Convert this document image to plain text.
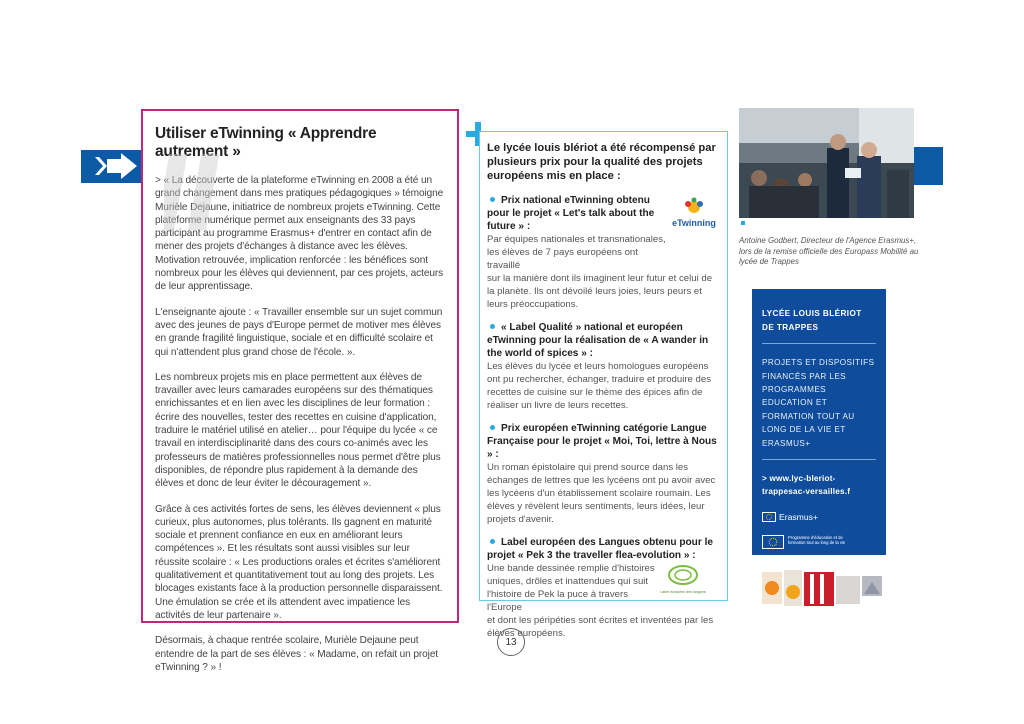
Utiliser eTwinning « Apprendre autrement »

> « La découverte de la plateforme eTwinning en 2008 a été un grand changement dans mes pratiques pédagogiques » témoigne Murièle Dejaune, initiatrice de nombreux projets eTwinning. Cette plateforme numérique permet aux enseignants des 33 pays participant au programme Erasmus+ d'entrer en contact afin de mener des projets d'échanges à distance avec les élèves. Motivation retrouvée, implication renforcée : les bénéfices sont nombreux pour les élèves qui deviennent, par ces projets, acteurs de leur apprentissage.

L'enseignante ajoute : « Travailler ensemble sur un sujet commun avec des jeunes de pays d'Europe permet de motiver mes élèves en grande fragilité linguistique, sociale et en difficulté scolaire et qui n'attendent plus grand chose de l'école. ».

Les nombreux projets mis en place permettent aux élèves de travailler avec leurs camarades européens sur des thématiques enrichissantes et en lien avec les disciplines de leur formation : écrire des nouvelles, tester des recettes en cuisine d'application, traduire le matériel utilisé en atelier… pour l'équipe du lycée « ce travail en interdisciplinarité dans des cours co-animés avec les professeurs de matières professionnelles nous permet d'être plus disponibles, de répondre plus rapidement à la demande des élèves et donc de leur éviter le découragement ».

Grâce à ces activités fortes de sens, les élèves deviennent « plus curieux, plus autonomes, plus tolérants. Ils gagnent en maturité sociale et prennent confiance en eux en améliorant leurs compétences ». Et les résultats sont aussi visibles sur leur réussite scolaire : « Les productions orales et écrites s'améliorent qualitativement et quantitativement tout au long des projets. Les blocages existants face à la production personnelle disparaissent. Une émulation se crée et ils attendent avec impatience les activités de leur partenaire ».

Désormais, à chaque rentrée scolaire, Murièle Dejaune peut entendre de la part de ses élèves : « Madame, on refait un projet eTwinning ? » !

Le lycée louis blériot a été récompensé par plusieurs prix pour la qualité des projets européens mis en place :
Prix national eTwinning obtenu pour le projet « Let's talk about the future » :
Par équipes nationales et transnationales, les élèves de 7 pays européens ont travaillé
sur la manière dont ils imaginent leur futur et celui de la planète. Ils ont dévoilé leurs joies, leurs peurs et leurs préoccupations.
eTwinning
« Label Qualité » national et européen eTwinning pour la réalisation de « A wander in the world of spices » :
Les élèves du lycée et leurs homologues européens ont pu rechercher, échanger, traduire et produire des recettes de cuisine sur le thème des épices afin de réaliser un livre de leurs recettes.
Prix européen eTwinning catégorie Langue Française pour le projet « Moi, Toi, lettre à Nous » :
Un roman épistolaire qui prend source dans les échanges de lettres que les lycéens ont pu avoir avec les lycéens d'un établissement scolaire roumain. Les élèves y révèlent leurs sentiments, leurs idées, leur projets d'avenir.
Label européen des Langues obtenu pour le projet « Pek 3 the traveller flea-evolution » :
Une bande dessinée remplie d'histoires uniques, drôles et inattendues qui suit l'histoire de Pek la puce à travers l'Europe
et dont les péripéties sont écrites et inventées par les élèves européens.
Label européen des langues
Antoine Godbert, Directeur de l'Agence Erasmus+, lors de la remise officielle des Europass Mobilité au lycée de Trappes
LYCÉE LOUIS BLÉRIOT DE TRAPPES
PROJETS ET DISPOSITIFS FINANCÉS PAR LES PROGRAMMES EDUCATION ET FORMATION TOUT AU LONG DE LA VIE ET ERASMUS+
> www.lyc-bleriot-trappesac-versailles.f
Erasmus+
Programme d'éducation et de formation tout au long de la vie
13
